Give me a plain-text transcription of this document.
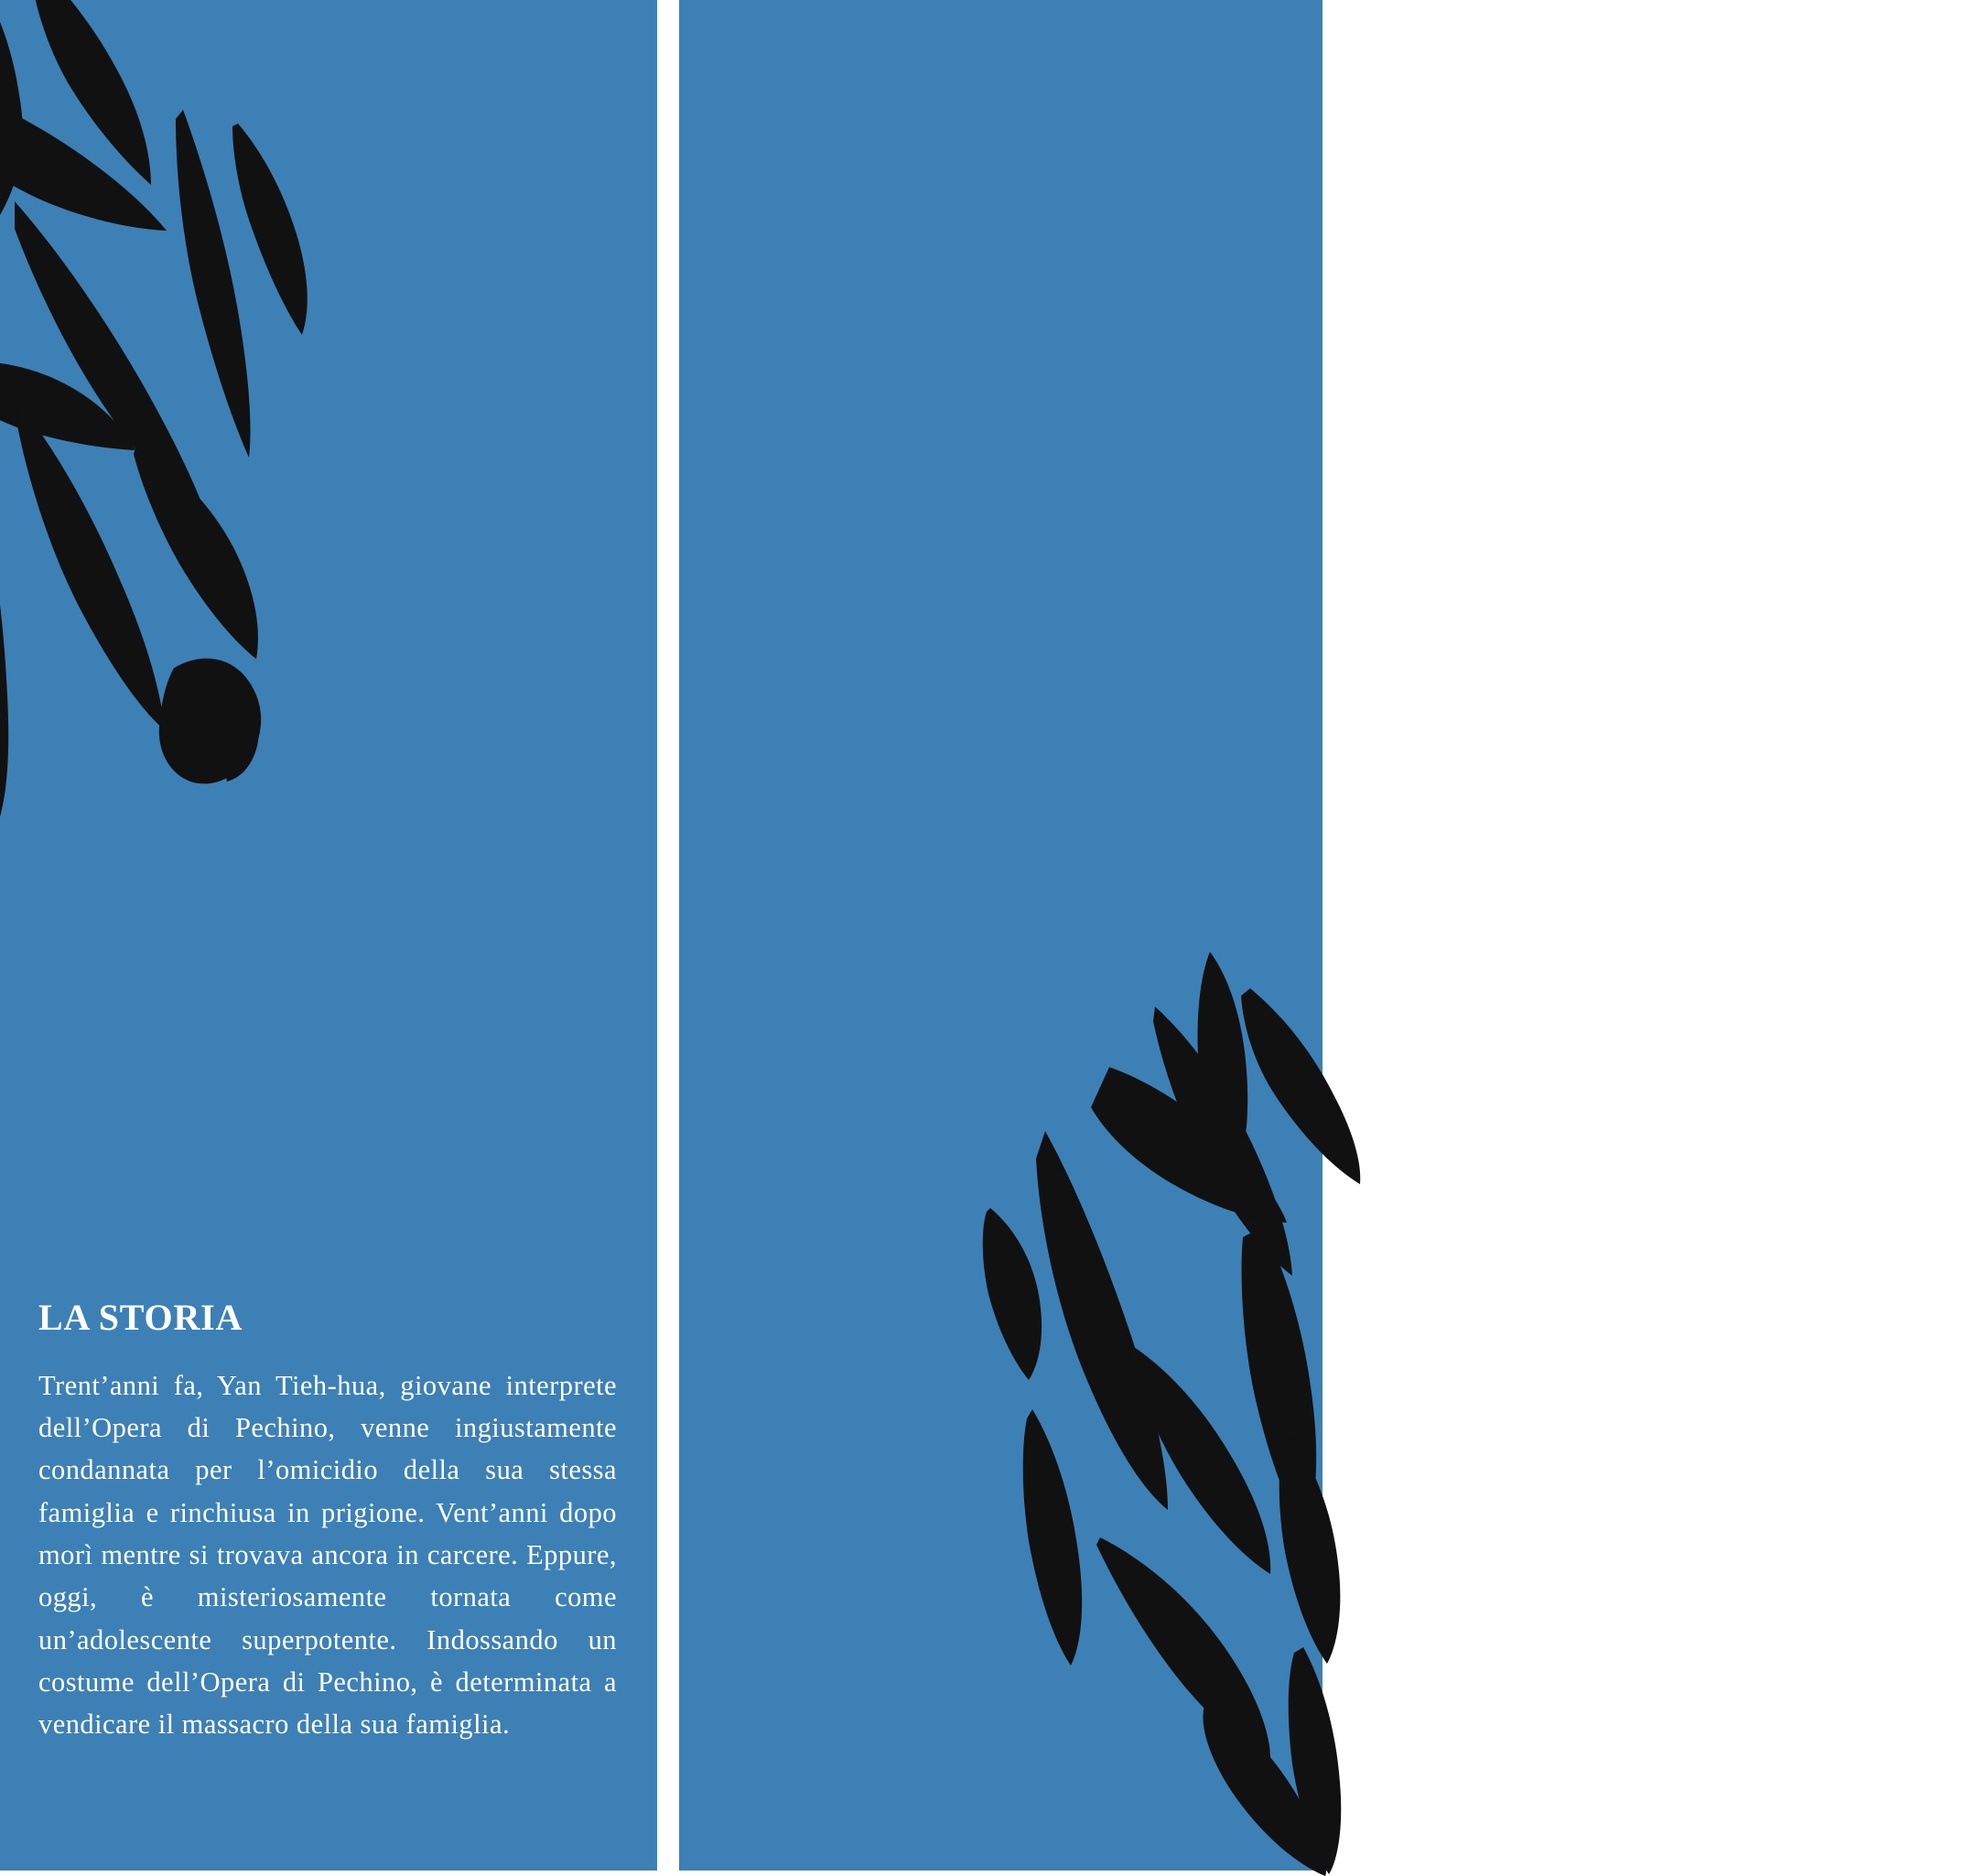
LA STORIA

Trent’anni fa, Yan Tieh-hua, giovane interprete dell’Opera di Pechino, venne ingiustamente condannata per l’omicidio della sua stessa famiglia e rinchiusa in prigione. Vent’anni dopo morì mentre si trovava ancora in carcere. Eppure, oggi, è misteriosamente tornata come un’adolescente superpotente. Indossando un costume dell’Opera di Pechino, è determinata a vendicare il massacro della sua famiglia.

L’AUTORE

Chang Sheng nasce a Taiwan nel 1968 e decide di dedicarsi ai manga all’età di 35 anni. Con il suo stile reinterpreta tematiche fantasy e sci-fi in chiave realistica. Spesso i suoi protagonisti sono donne. Molto popolare sia a Taiwan sia in Giappone, nel corso degli anni si merita diversi riconoscimenti: nel 2011 con Baby è stato premiato con il Golden Comic Awards per il miglior fumetto; nel 2013, con Oldman, vince il Bronze Award al sesto Japan International Manga Award; nel 2014 e 2017 si aggiudica il Golden Comic Awards per il miglior manga per ragazzi; nel 2017 The Hidden Level viene premiato con il Grand Prize al Kyoto International Manga and Anime Award.
